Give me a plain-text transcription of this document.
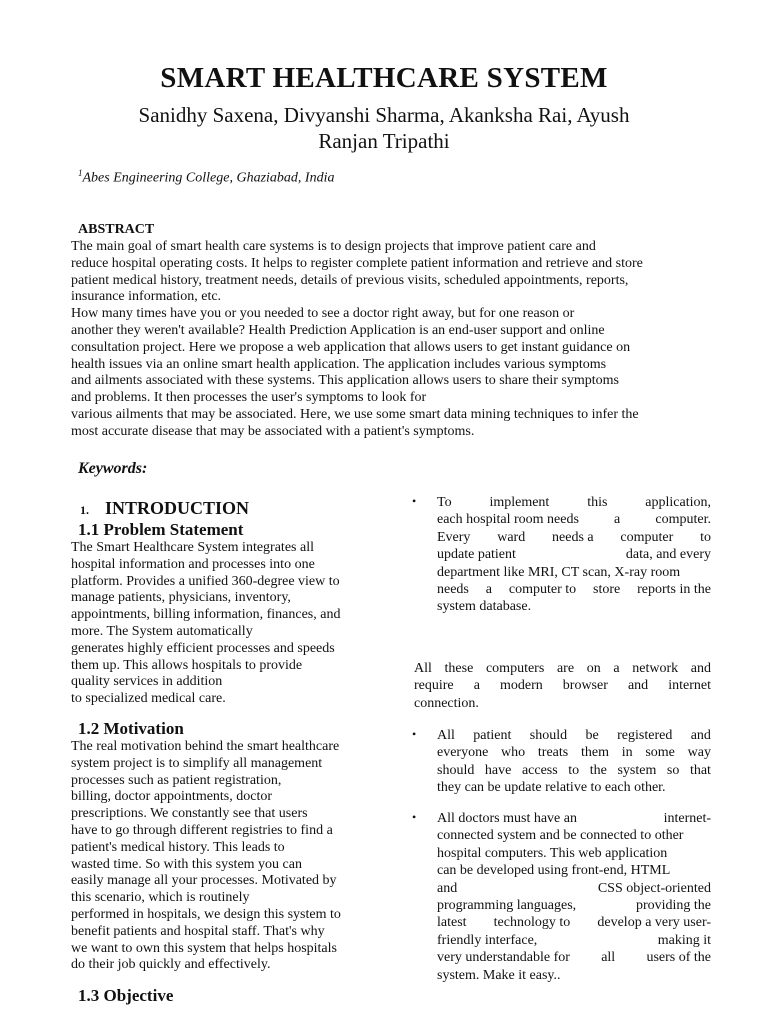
SMART HEALTHCARE SYSTEM
Sanidhy Saxena, Divyanshi Sharma, Akanksha Rai, Ayush
Ranjan Tripathi
$^1$Abes Engineering College, Ghaziabad, India
ABSTRACT
The main goal of smart health care systems is to design projects that improve patient care and
reduce hospital operating costs. It helps to register complete patient information and retrieve and store
patient medical history, treatment needs, details of previous visits, scheduled appointments, reports,
insurance information, etc.
How many times have you or you needed to see a doctor right away, but for one reason or
another they weren't available? Health Prediction Application is an end-user support and online
consultation project. Here we propose a web application that allows users to get instant guidance on
health issues via an online smart health application. The application includes various symptoms
and ailments associated with these systems. This application allows users to share their symptoms
and problems. It then processes the user's symptoms to look for
various ailments that may be associated. Here, we use some smart data mining techniques to infer the
most accurate disease that may be associated with a patient's symptoms.
Keywords:
1. INTRODUCTION
1.1 Problem Statement
The Smart Healthcare System integrates all
hospital information and processes into one
platform. Provides a unified 360-degree view to
manage patients, physicians, inventory,
appointments, billing information, finances, and
more. The System automatically
generates highly efficient processes and speeds
them up. This allows hospitals to provide
quality services in addition
to specialized medical care.
1.2 Motivation
The real motivation behind the smart healthcare
system project is to simplify all management
processes such as patient registration,
billing, doctor appointments, doctor
prescriptions. We constantly see that users
have to go through different registries to find a
patient's medical history. This leads to
wasted time. So with this system you can
easily manage all your processes. Motivated by
this scenario, which is routinely
performed in hospitals, we design this system to
benefit patients and hospital staff. That's why
we want to own this system that helps hospitals
do their job quickly and effectively.
1.3 Objective
• To	implement	this	application,
each hospital room needs	a	computer.
Every ward needs a computer to
update patient	data, and every
department like MRI, CT scan, X-ray room
needs a computer to store reports in the
system database.
All these computers are on a network and
require a modern browser and internet
connection.
• All patient should be registered and
everyone who treats them in some way
should have access to the system so that
they can be update relative to each other.
• All doctors must have an	internet-
connected system and be connected to other
hospital computers. This web application
can be developed using front-end, HTML
and	CSS object-oriented
programming languages,	providing the
latest technology to develop a very user-
friendly interface,	making it
very understandable for all users of the
system. Make it easy..
